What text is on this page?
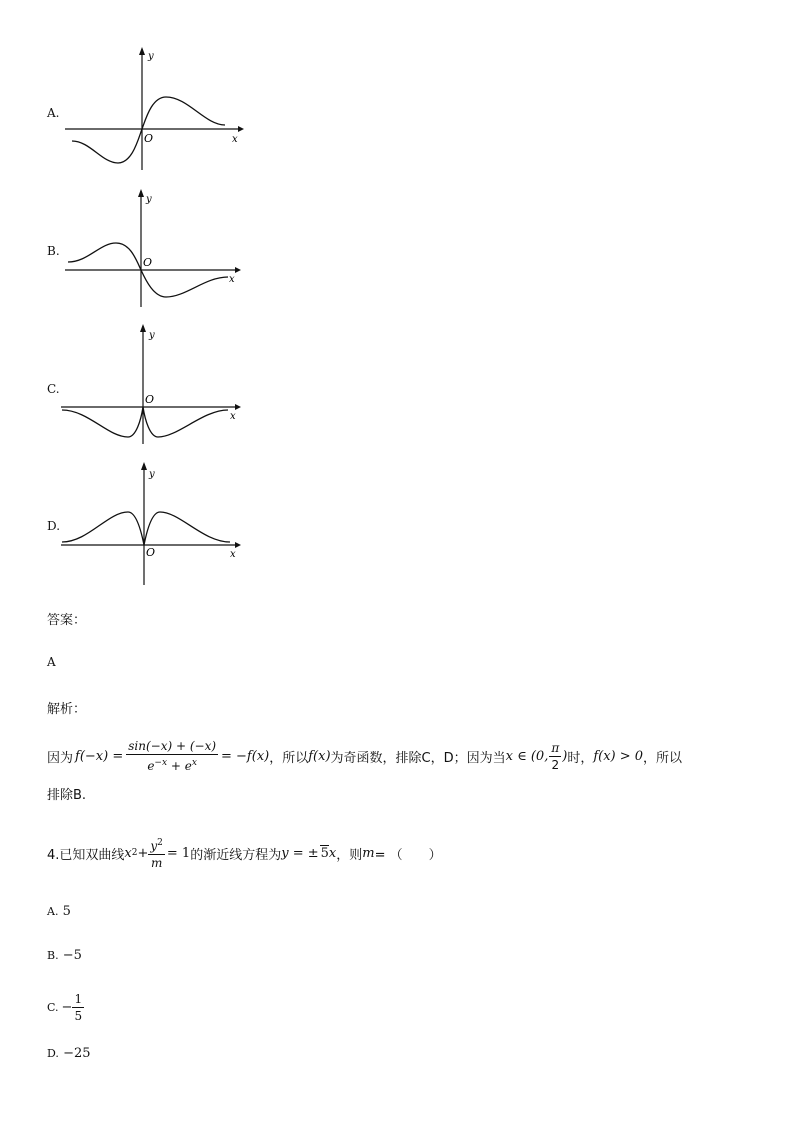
A.
y
x
O
B.
y
x
O
C.
y
x
O
D.
y
x
O
答案：
A
解析：
因为 $f(-x) = \frac{\sin(-x) + (-x)}{e^{-x} + e^x} = -f(x)$ ，所以 f(x) 为奇函数，排除C，D；因为当 x ∈ (0, $\frac{\pi}{2}$ ) 时， f(x) > 0 ，所以
排除B.
4.已知双曲线 x $2 + \frac{y^2}{m} = 1$ 的渐近线方程为 y = ± 5 x ，则 m = （　　）
A. 5
B. −5
C. − $\frac{1}{5}$
D. −25
